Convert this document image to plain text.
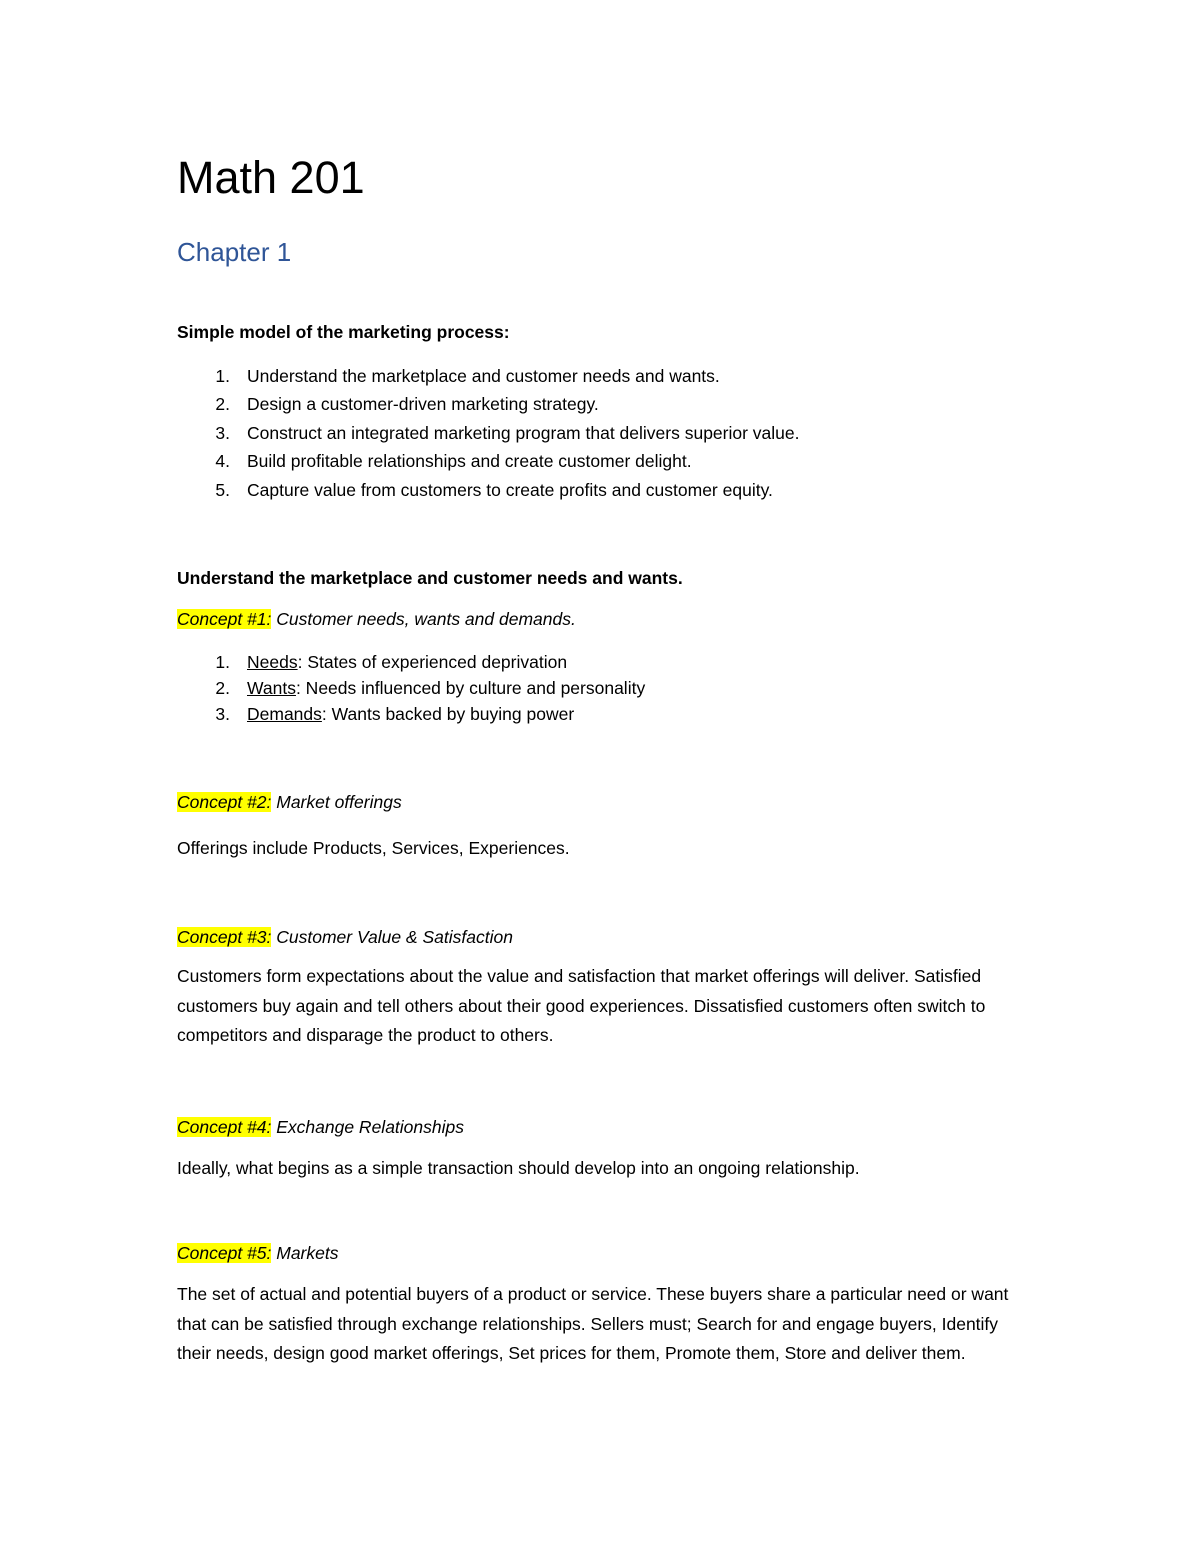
Math 201
Chapter 1
Simple model of the marketing process:
1. Understand the marketplace and customer needs and wants.
2. Design a customer-driven marketing strategy.
3. Construct an integrated marketing program that delivers superior value.
4. Build profitable relationships and create customer delight.
5. Capture value from customers to create profits and customer equity.
Understand the marketplace and customer needs and wants.
Concept #1: Customer needs, wants and demands.
1. Needs: States of experienced deprivation
2. Wants: Needs influenced by culture and personality
3. Demands: Wants backed by buying power
Concept #2: Market offerings
Offerings include Products, Services, Experiences.
Concept #3: Customer Value & Satisfaction
Customers form expectations about the value and satisfaction that market offerings will deliver. Satisfied customers buy again and tell others about their good experiences. Dissatisfied customers often switch to competitors and disparage the product to others.
Concept #4: Exchange Relationships
Ideally, what begins as a simple transaction should develop into an ongoing relationship.
Concept #5: Markets
The set of actual and potential buyers of a product or service. These buyers share a particular need or want that can be satisfied through exchange relationships. Sellers must; Search for and engage buyers, Identify their needs, design good market offerings, Set prices for them, Promote them, Store and deliver them.
